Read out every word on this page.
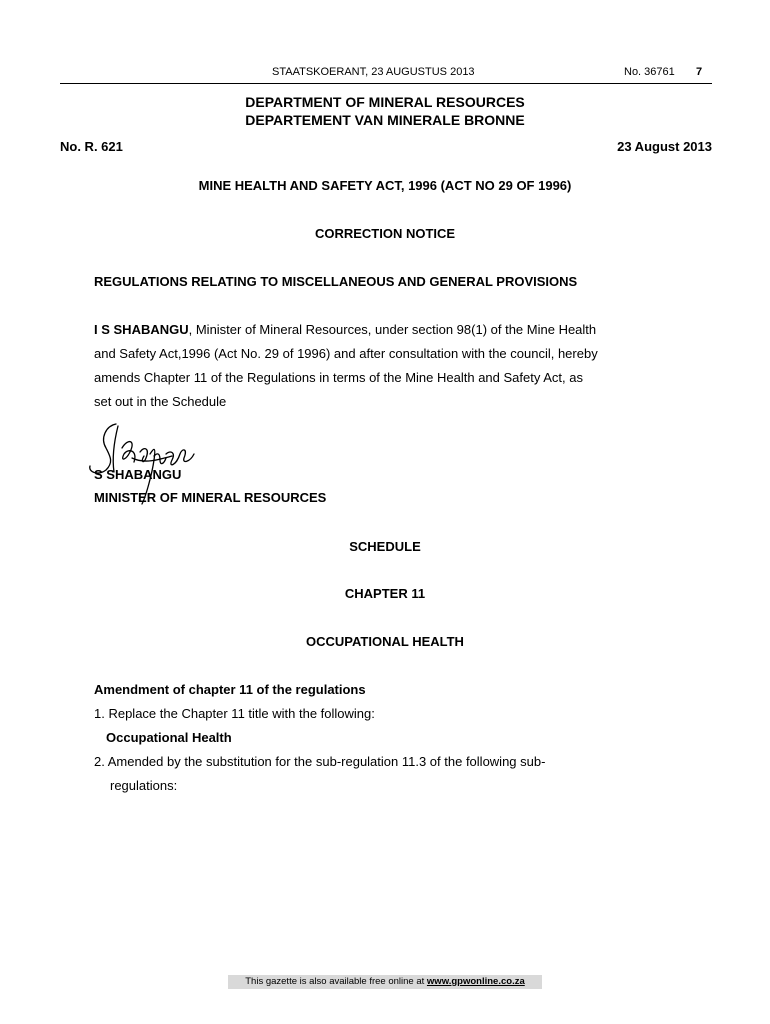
STAATSKOERANT, 23 AUGUSTUS 2013	No. 36761 7
DEPARTMENT OF MINERAL RESOURCES
DEPARTEMENT VAN MINERALE BRONNE
No. R. 621	23 August 2013
MINE HEALTH AND SAFETY ACT, 1996 (ACT NO 29 OF 1996)
CORRECTION NOTICE
REGULATIONS RELATING TO MISCELLANEOUS AND GENERAL PROVISIONS
I S SHABANGU, Minister of Mineral Resources, under section 98(1) of the Mine Health
and Safety Act,1996 (Act No. 29 of 1996) and after consultation with the council, hereby
amends Chapter 11 of the Regulations in terms of the Mine Health and Safety Act, as
set out in the Schedule
S SHABANGU
MINISTER OF MINERAL RESOURCES
SCHEDULE
CHAPTER 11
OCCUPATIONAL HEALTH
Amendment of chapter 11 of the regulations
1. Replace the Chapter 11 title with the following:
Occupational Health
2. Amended by the substitution for the sub-regulation 11.3 of the following sub-
regulations:
This gazette is also available free online at www.gpwonline.co.za
